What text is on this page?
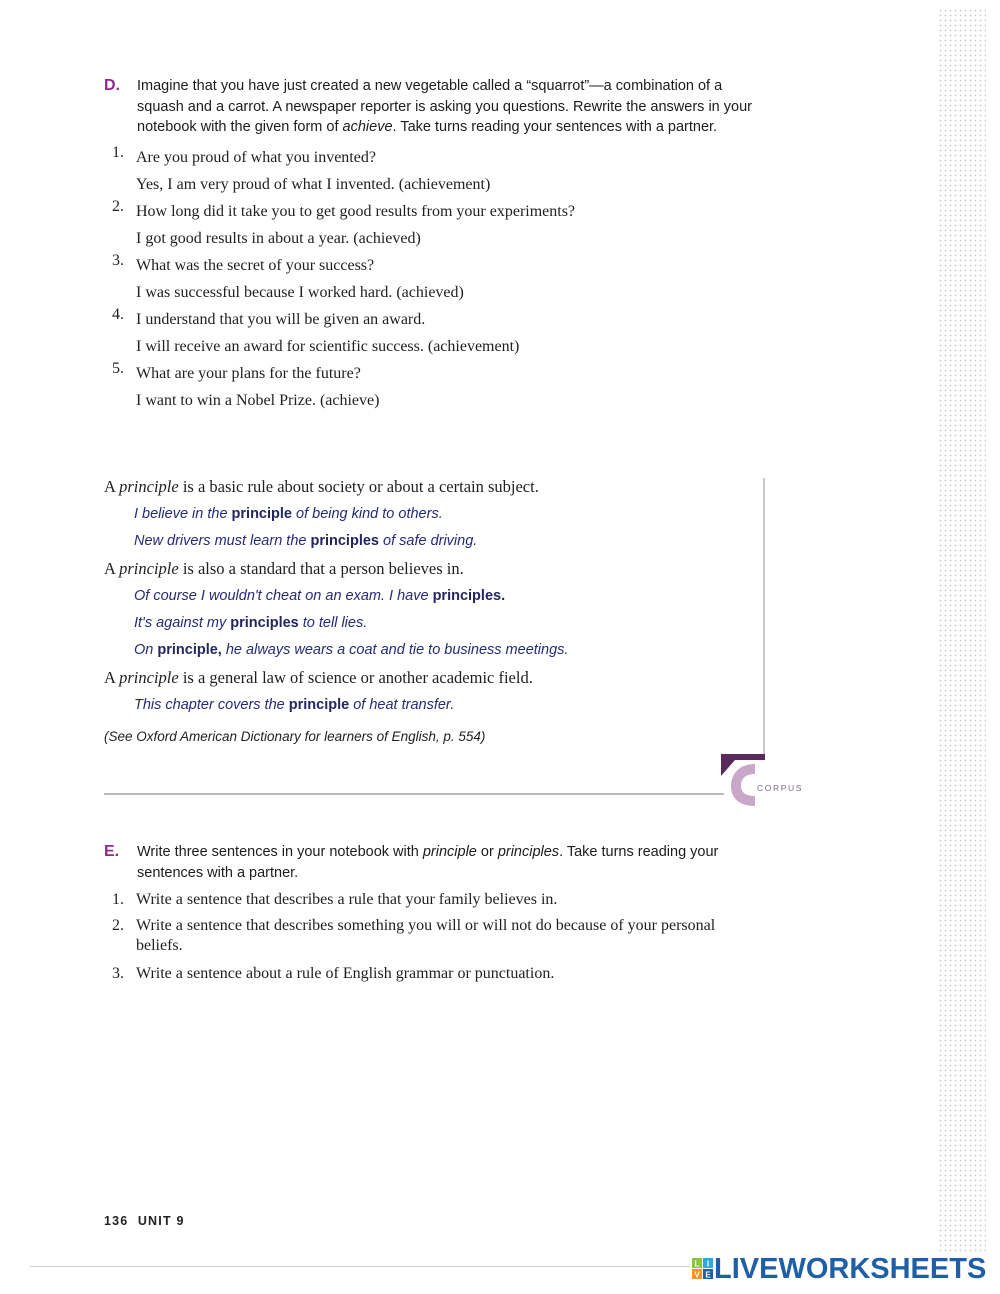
D.	Imagine that you have just created a new vegetable called a “squarrot”—a combination of a squash and a carrot. A newspaper reporter is asking you questions. Rewrite the answers in your notebook with the given form of achieve. Take turns reading your sentences with a partner.
1. Are you proud of what you invented?
Yes, I am very proud of what I invented. (achievement)
2. How long did it take you to get good results from your experiments?
I got good results in about a year. (achieved)
3. What was the secret of your success?
I was successful because I worked hard. (achieved)
4. I understand that you will be given an award.
I will receive an award for scientific success. (achievement)
5. What are your plans for the future?
I want to win a Nobel Prize. (achieve)
A principle is a basic rule about society or about a certain subject.
I believe in the principle of being kind to others.
New drivers must learn the principles of safe driving.
A principle is also a standard that a person believes in.
Of course I wouldn't cheat on an exam. I have principles.
It's against my principles to tell lies.
On principle, he always wears a coat and tie to business meetings.
A principle is a general law of science or another academic field.
This chapter covers the principle of heat transfer.
(See Oxford American Dictionary for learners of English, p. 554)
CORPUS
E.	Write three sentences in your notebook with principle or principles. Take turns reading your sentences with a partner.
1. Write a sentence that describes a rule that your family believes in.
2. Write a sentence that describes something you will or will not do because of your personal beliefs.
3. Write a sentence about a rule of English grammar or punctuation.
136 UNIT 9
L I
V E LIVEWORKSHEETS
